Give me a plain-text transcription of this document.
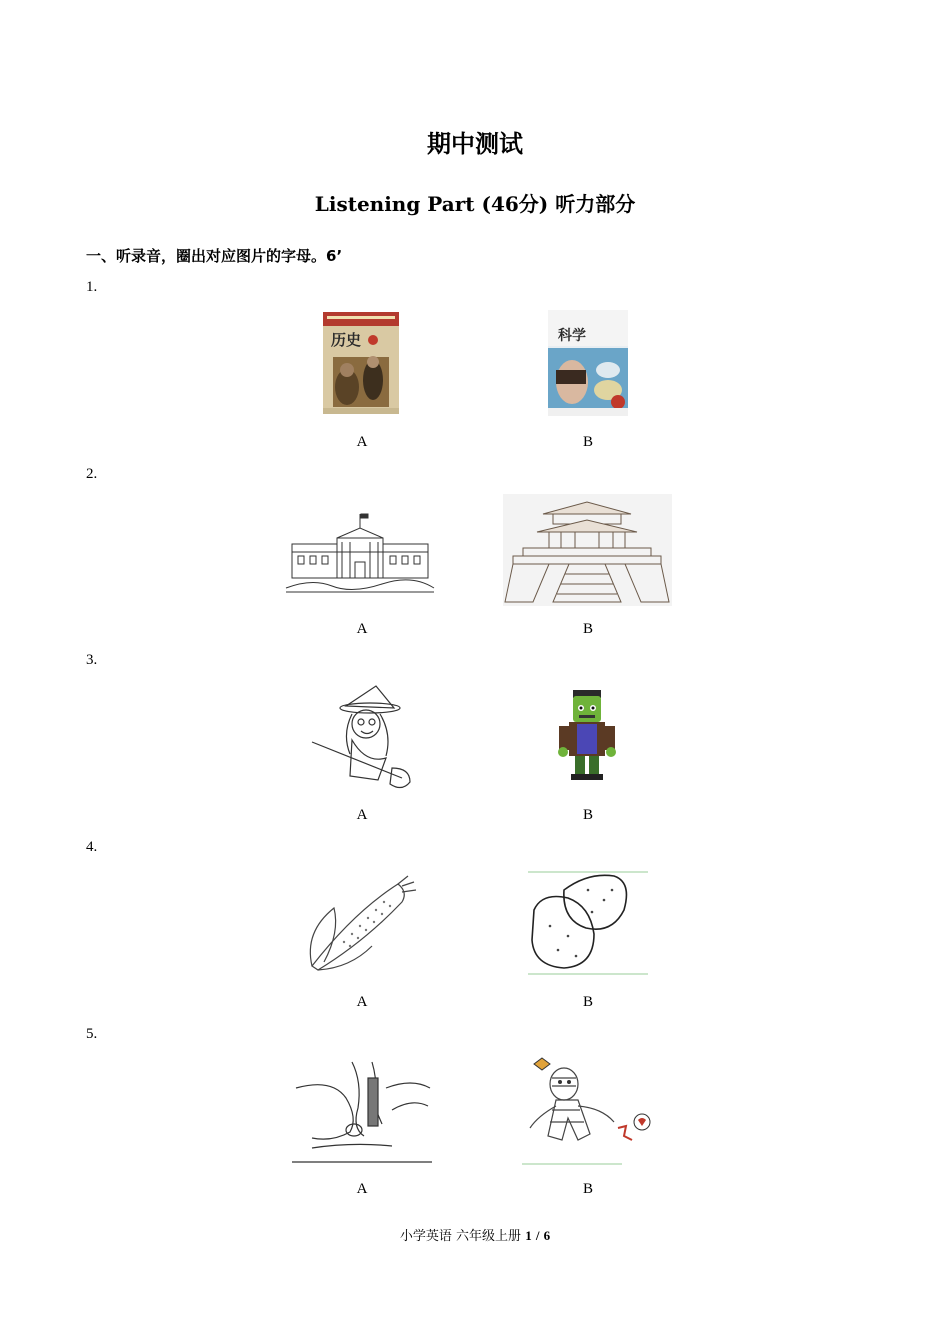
期中测试
Listening Part (46分) 听力部分
一、听录音，圈出对应图片的字母。6’
1.
历史	科学
A	B
2.
A	B
3.
A	B
4.
A	B
5.
A	B
小学英语 六年级上册 1 / 6
